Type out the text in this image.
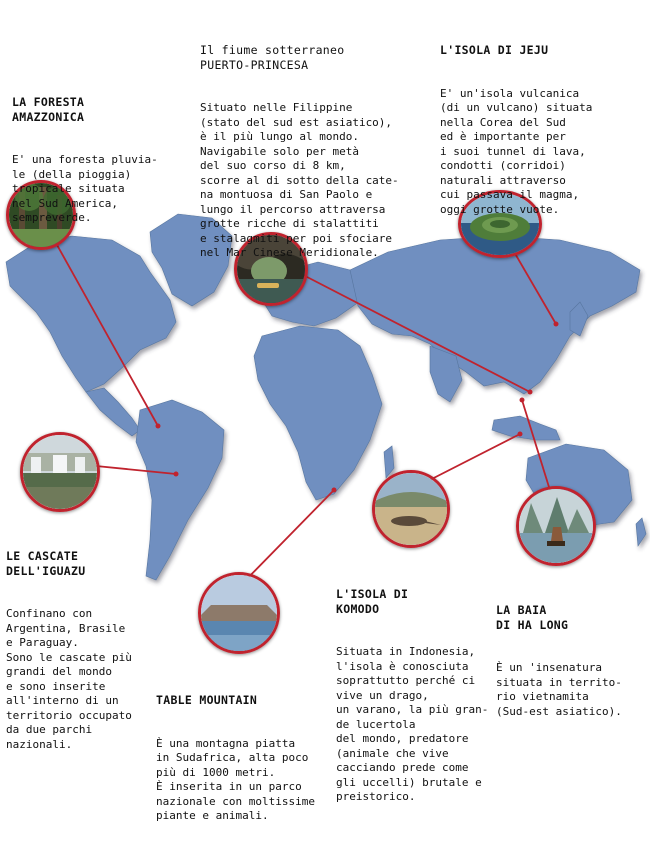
LA FORESTA
AMAZZONICA

E' una foresta pluvia-
le (della pioggia)
tropicale situata
nel Sud America,
sempreverde.

Il fiume sotterraneo
PUERTO-PRINCESA

Situato nelle Filippine
(stato del sud est asiatico),
è il più lungo al mondo.
Navigabile solo per metà
del suo corso di 8 km,
scorre al di sotto della cate-
na montuosa di San Paolo e
lungo il percorso attraversa
grotte ricche di stalattiti
e stalagmiti per poi sfociare
nel Mar Cinese Meridionale.

L'ISOLA DI JEJU

E' un'isola vulcanica
(di un vulcano) situata
nella Corea del Sud
ed è importante per
i suoi tunnel di lava,
condotti (corridoi)
naturali attraverso
cui passava il magma,
oggi grotte vuote.

LE CASCATE
DELL'IGUAZU

Confinano con
Argentina, Brasile
e Paraguay.
Sono le cascate più
grandi del mondo
e sono inserite
all'interno di un
territorio occupato
da due parchi
nazionali.

TABLE MOUNTAIN

È una montagna piatta
in Sudafrica, alta poco
più di 1000 metri.
È inserita in un parco
nazionale con moltissime
piante e animali.

L'ISOLA DI
KOMODO

Situata in Indonesia,
l'isola è conosciuta
soprattutto perché ci
vive un drago,
un varano, la più gran-
de lucertola
del mondo, predatore
(animale che vive
cacciando prede come
gli uccelli) brutale e
preistorico.

LA BAIA
DI HA LONG

È un 'insenatura
situata in territo-
rio vietnamita
(Sud-est asiatico).
